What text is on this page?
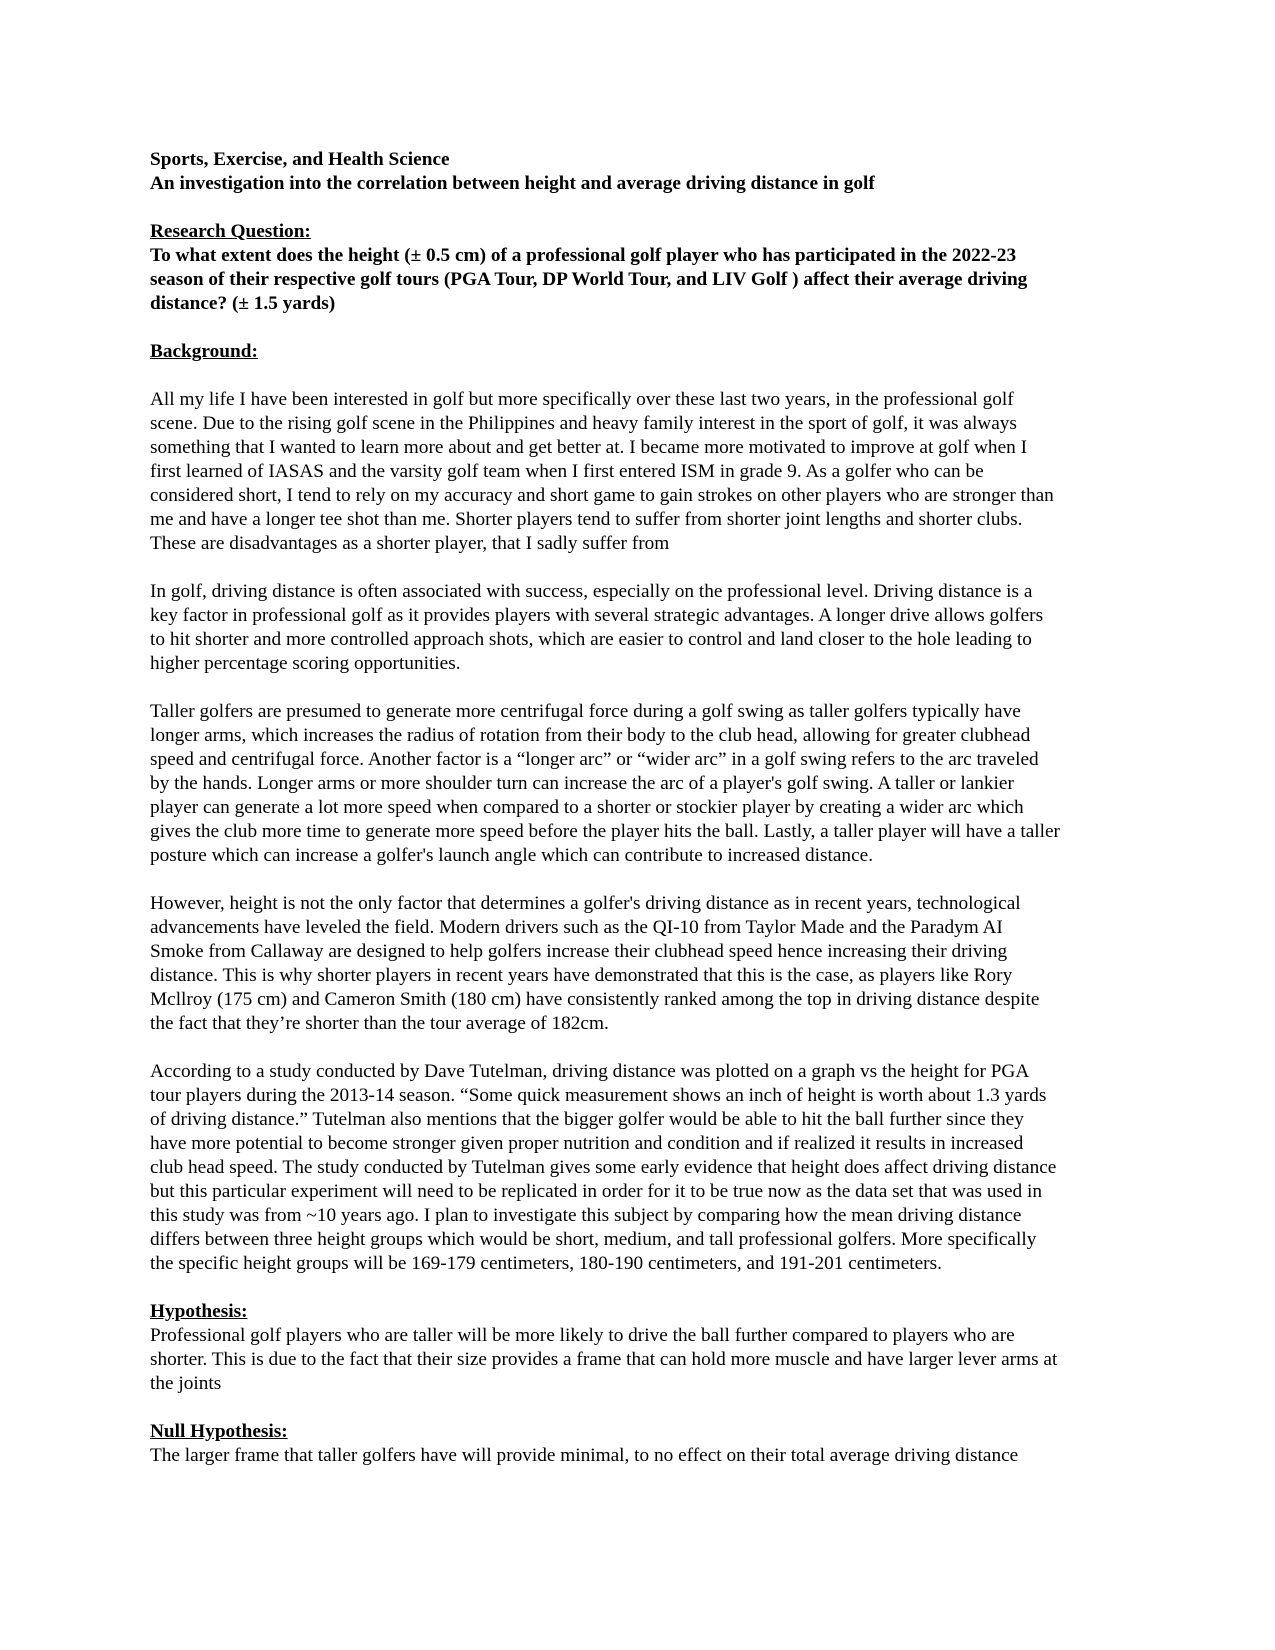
Sports, Exercise, and Health Science
An investigation into the correlation between height and average driving distance in golf
Research Question:
To what extent does the height (± 0.5 cm) of a professional golf player who has participated in the 2022-23
season of their respective golf tours (PGA Tour, DP World Tour, and LIV Golf ) affect their average driving
distance? (± 1.5 yards)
Background:
All my life I have been interested in golf but more specifically over these last two years, in the professional golf
scene. Due to the rising golf scene in the Philippines and heavy family interest in the sport of golf, it was always
something that I wanted to learn more about and get better at. I became more motivated to improve at golf when I
first learned of IASAS and the varsity golf team when I first entered ISM in grade 9. As a golfer who can be
considered short, I tend to rely on my accuracy and short game to gain strokes on other players who are stronger than
me and have a longer tee shot than me. Shorter players tend to suffer from shorter joint lengths and shorter clubs.
These are disadvantages as a shorter player, that I sadly suffer from
In golf, driving distance is often associated with success, especially on the professional level. Driving distance is a
key factor in professional golf as it provides players with several strategic advantages. A longer drive allows golfers
to hit shorter and more controlled approach shots, which are easier to control and land closer to the hole leading to
higher percentage scoring opportunities.
Taller golfers are presumed to generate more centrifugal force during a golf swing as taller golfers typically have
longer arms, which increases the radius of rotation from their body to the club head, allowing for greater clubhead
speed and centrifugal force. Another factor is a “longer arc” or “wider arc” in a golf swing refers to the arc traveled
by the hands. Longer arms or more shoulder turn can increase the arc of a player's golf swing. A taller or lankier
player can generate a lot more speed when compared to a shorter or stockier player by creating a wider arc which
gives the club more time to generate more speed before the player hits the ball. Lastly, a taller player will have a taller
posture which can increase a golfer's launch angle which can contribute to increased distance.
However, height is not the only factor that determines a golfer's driving distance as in recent years, technological
advancements have leveled the field. Modern drivers such as the QI-10 from Taylor Made and the Paradym AI
Smoke from Callaway are designed to help golfers increase their clubhead speed hence increasing their driving
distance. This is why shorter players in recent years have demonstrated that this is the case, as players like Rory
Mcllroy (175 cm) and Cameron Smith (180 cm) have consistently ranked among the top in driving distance despite
the fact that they’re shorter than the tour average of 182cm.
According to a study conducted by Dave Tutelman, driving distance was plotted on a graph vs the height for PGA
tour players during the 2013-14 season. “Some quick measurement shows an inch of height is worth about 1.3 yards
of driving distance.” Tutelman also mentions that the bigger golfer would be able to hit the ball further since they
have more potential to become stronger given proper nutrition and condition and if realized it results in increased
club head speed. The study conducted by Tutelman gives some early evidence that height does affect driving distance
but this particular experiment will need to be replicated in order for it to be true now as the data set that was used in
this study was from ~10 years ago. I plan to investigate this subject by comparing how the mean driving distance
differs between three height groups which would be short, medium, and tall professional golfers. More specifically
the specific height groups will be 169-179 centimeters, 180-190 centimeters, and 191-201 centimeters.
Hypothesis:
Professional golf players who are taller will be more likely to drive the ball further compared to players who are
shorter. This is due to the fact that their size provides a frame that can hold more muscle and have larger lever arms at
the joints
Null Hypothesis:
The larger frame that taller golfers have will provide minimal, to no effect on their total average driving distance
